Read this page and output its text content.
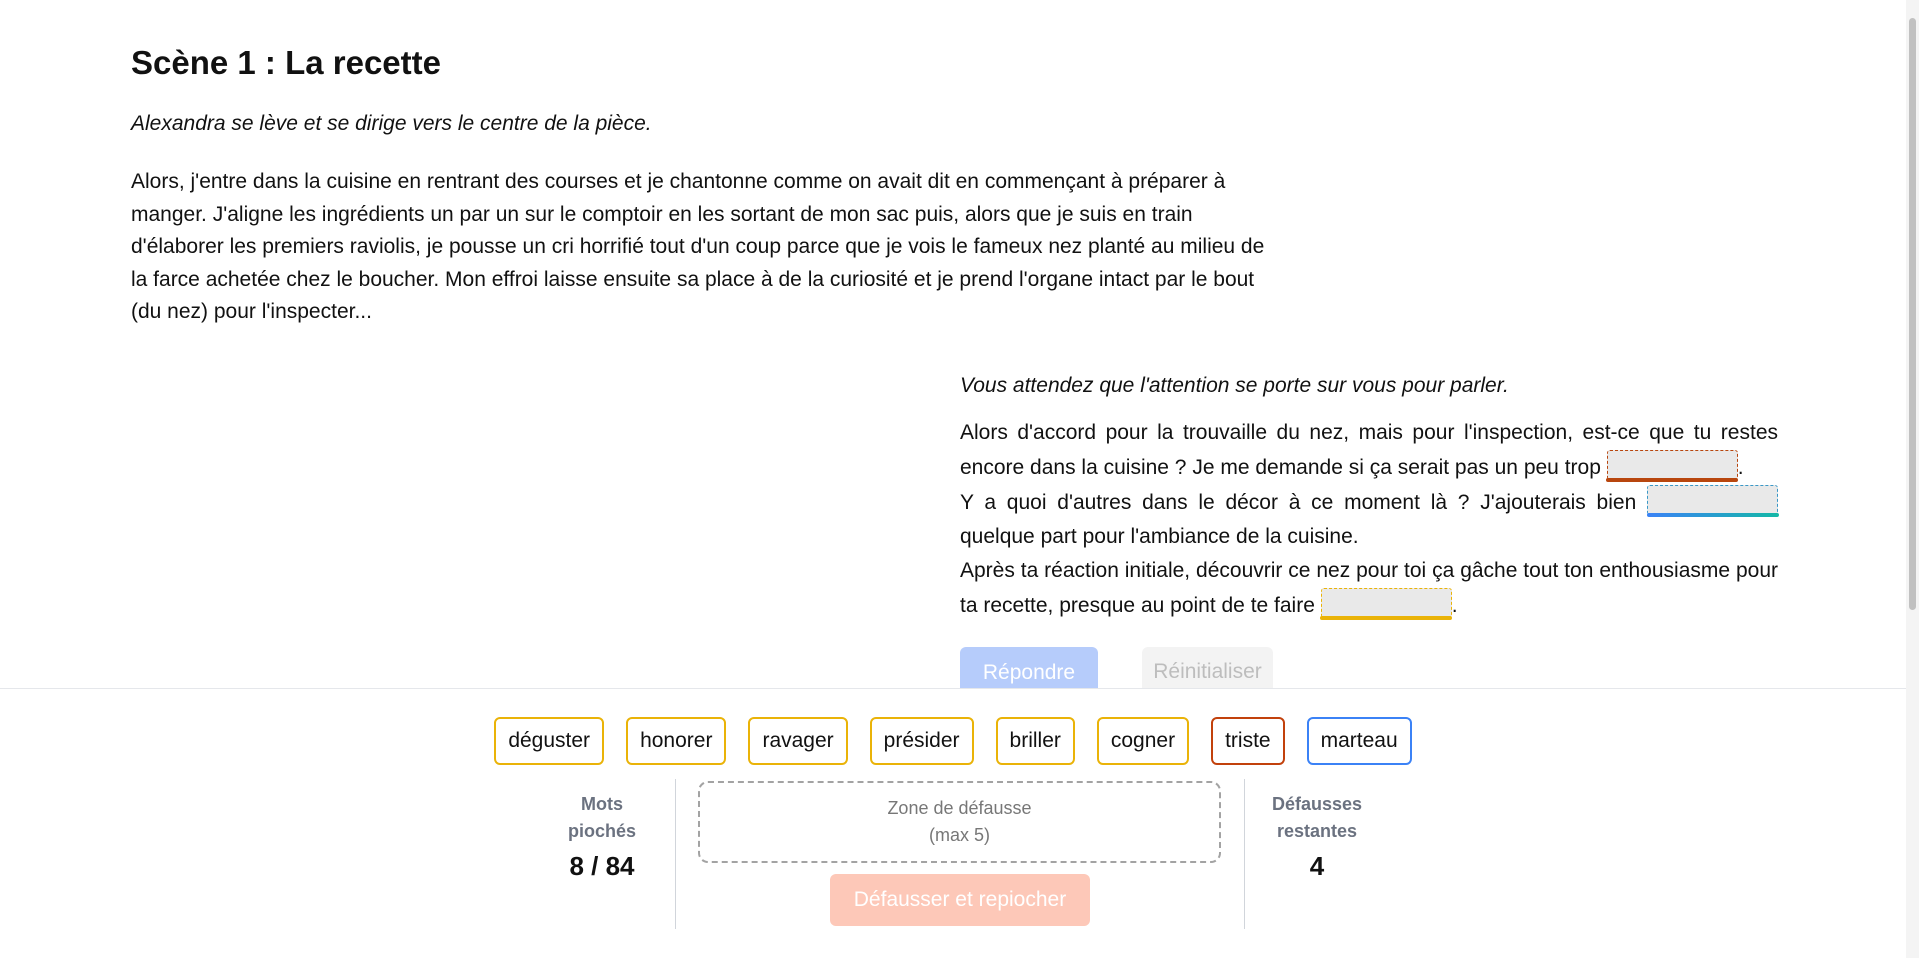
Scène 1 : La recette

Alexandra se lève et se dirige vers le centre de la pièce.

Alors, j'entre dans la cuisine en rentrant des courses et je chantonne comme on avait dit en commençant à préparer à manger. J'aligne les ingrédients un par un sur le comptoir en les sortant de mon sac puis, alors que je suis en train d'élaborer les premiers raviolis, je pousse un cri horrifié tout d'un coup parce que je vois le fameux nez planté au milieu de la farce achetée chez le boucher. Mon effroi laisse ensuite sa place à de la curiosité et je prend l'organe intact par le bout (du nez) pour l'inspecter...

Vous attendez que l'attention se porte sur vous pour parler.

Alors d'accord pour la trouvaille du nez, mais pour l'inspection, est-ce que tu restes encore dans la cuisine ? Je me demande si ça serait pas un peu trop	.
Y a quoi d'autres dans le décor à ce moment là ? J'ajouterais bien  quelque part pour l'ambiance de la cuisine.
Après ta réaction initiale, découvrir ce nez pour toi ça gâche tout ton enthousiasme pour ta recette, presque au point de te faire	.

Répondre	Réinitialiser
déguster	honorer	ravager	présider	briller	cogner	triste	marteau
Mots piochés
8 / 84
Zone de défausse
(max 5)
Défausser et repiocher
Défausses restantes
4
